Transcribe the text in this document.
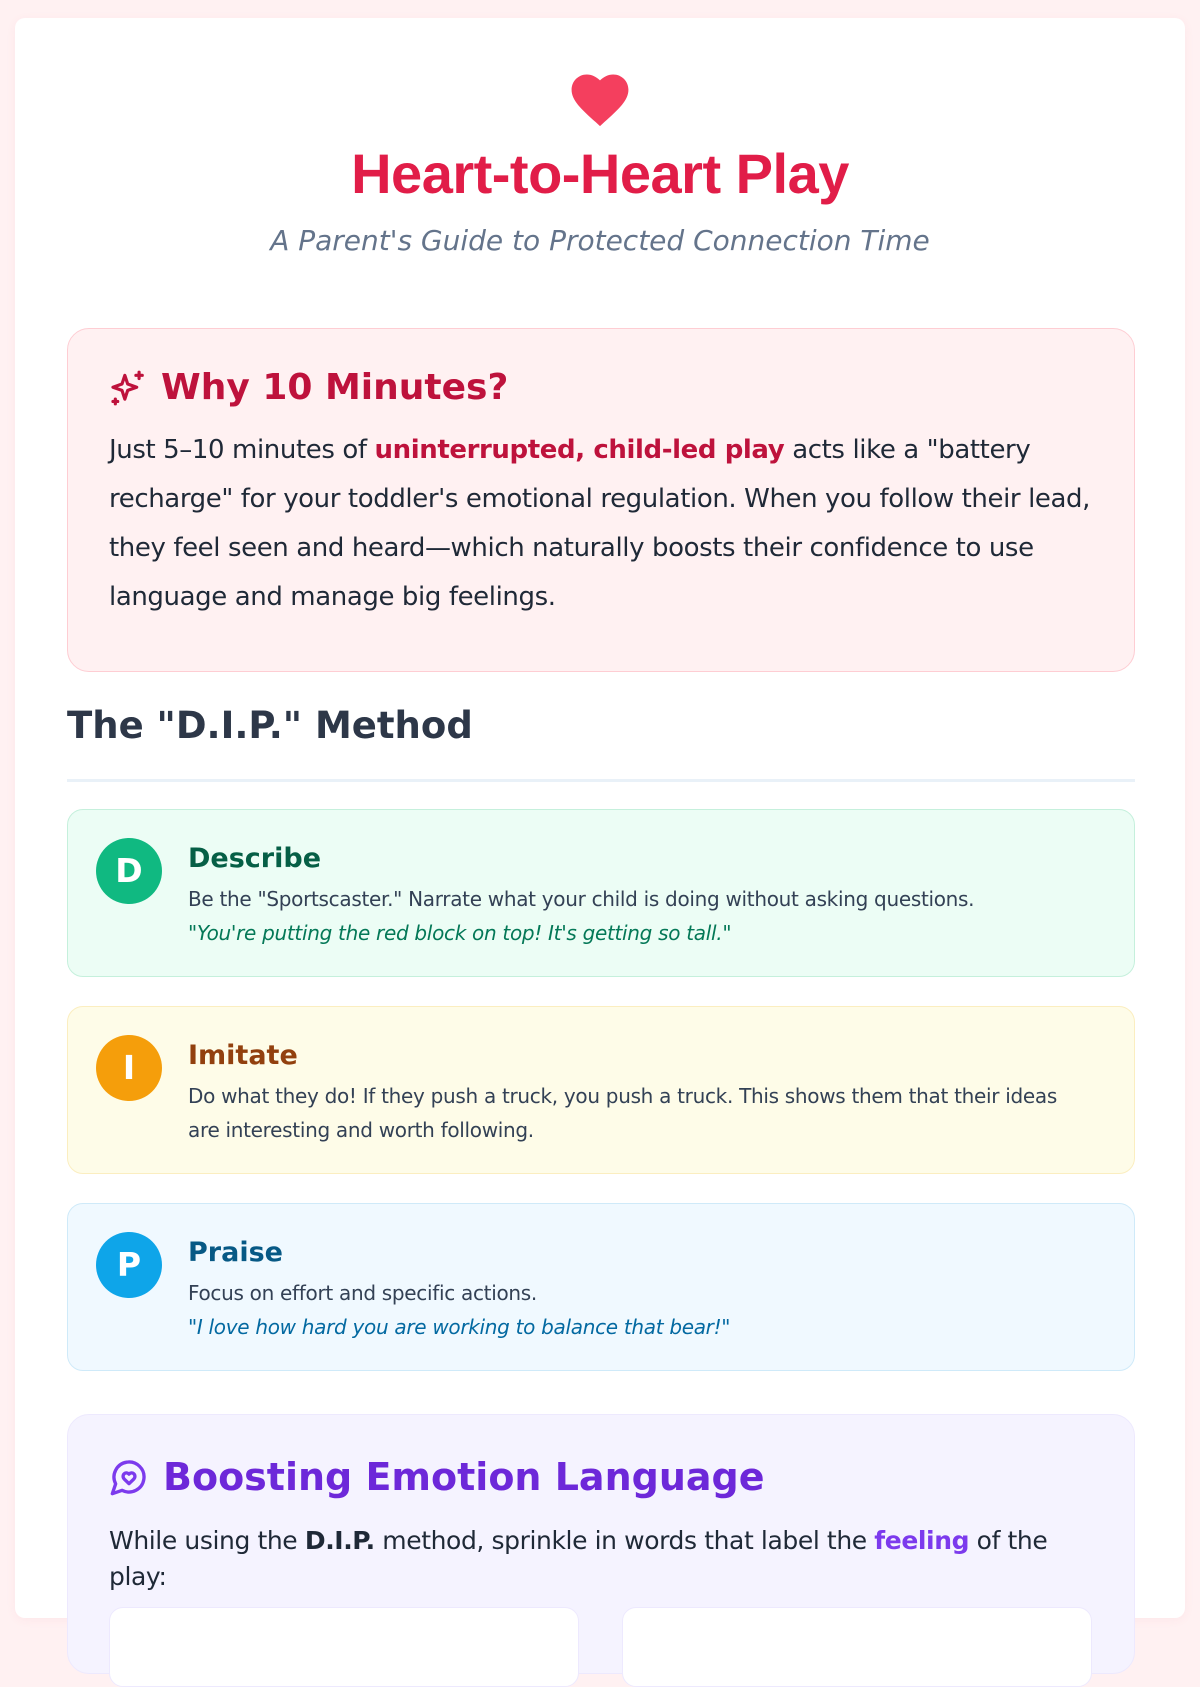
Heart-to-Heart Play

A Parent's Guide to Protected Connection Time

Why 10 Minutes?

Just 5–10 minutes of uninterrupted, child-led play acts like a "battery recharge" for your toddler's emotional regulation. When you follow their lead, they feel seen and heard—which naturally boosts their confidence to use language and manage big feelings.

The "D.I.P." Method
D	Describe
Be the "Sportscaster." Narrate what your child is doing without asking questions.
"You're putting the red block on top! It's getting so tall."
I	Imitate
Do what they do! If they push a truck, you push a truck. This shows them that their ideas are interesting and worth following.
P	Praise
Focus on effort and specific actions.
"I love how hard you are working to balance that bear!"
Boosting Emotion Language

While using the D.I.P. method, sprinkle in words that label the feeling of the play:
